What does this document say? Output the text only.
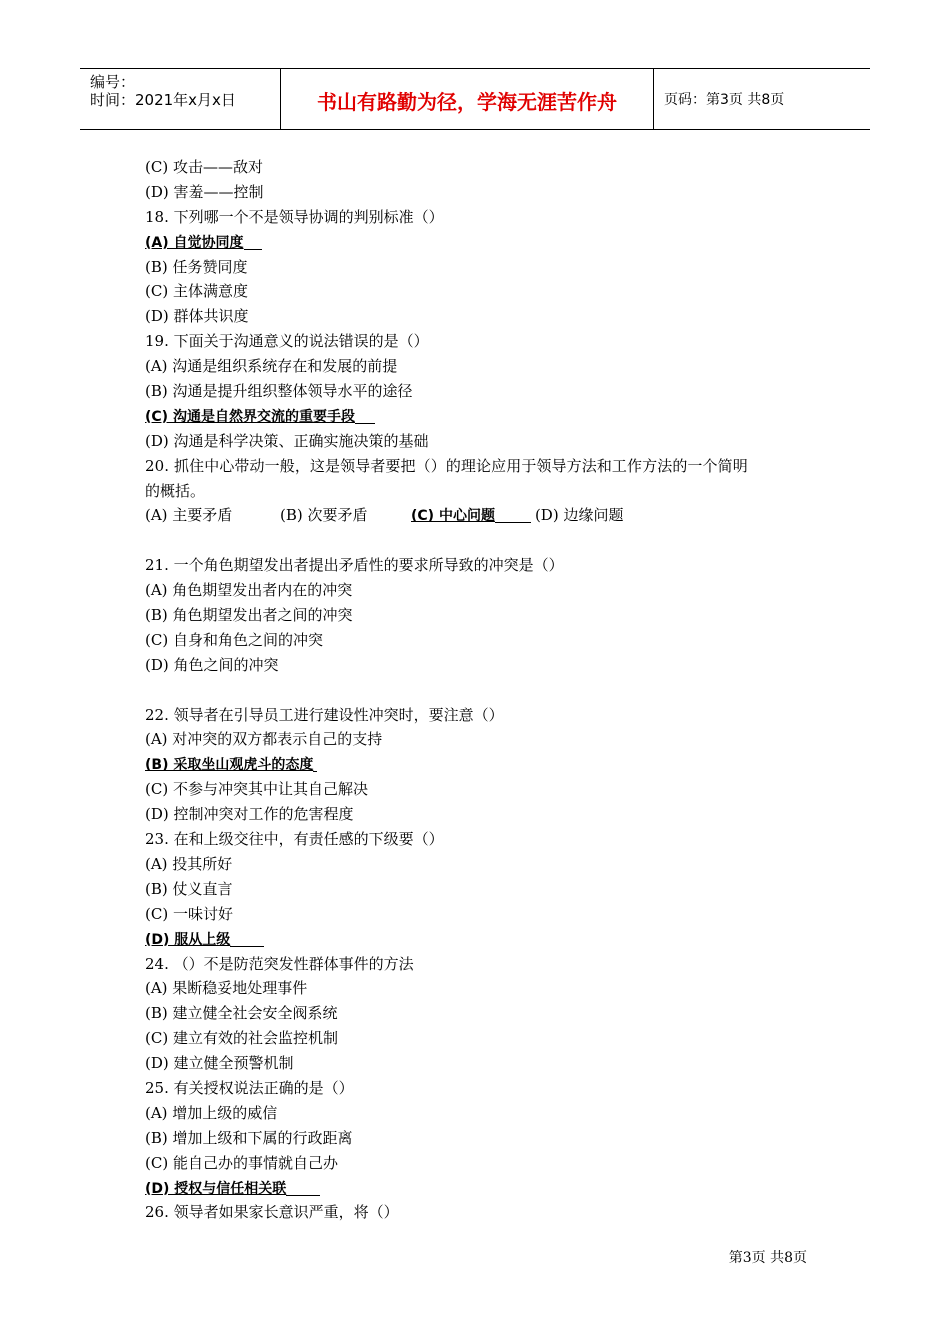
编号：
时间：2021年x月x日	书山有路勤为径，学海无涯苦作舟	页码：第3页 共8页
(C) 攻击——敌对
(D) 害羞——控制
18. 下列哪一个不是领导协调的判别标准（）
(A) 自觉协同度
(B) 任务赞同度
(C) 主体满意度
(D) 群体共识度
19. 下面关于沟通意义的说法错误的是（）
(A) 沟通是组织系统存在和发展的前提
(B) 沟通是提升组织整体领导水平的途径
(C) 沟通是自然界交流的重要手段
(D) 沟通是科学决策、正确实施决策的基础
20. 抓住中心带动一般，这是领导者要把（）的理论应用于领导方法和工作方法的一个简明
的概括。
(A) 主要矛盾	(B) 次要矛盾	(C) 中心问题	(D) 边缘问题
21. 一个角色期望发出者提出矛盾性的要求所导致的冲突是（）
(A) 角色期望发出者内在的冲突
(B) 角色期望发出者之间的冲突
(C) 自身和角色之间的冲突
(D) 角色之间的冲突
22. 领导者在引导员工进行建设性冲突时，要注意（）
(A) 对冲突的双方都表示自己的支持
(B) 采取坐山观虎斗的态度
(C) 不参与冲突其中让其自己解决
(D) 控制冲突对工作的危害程度
23. 在和上级交往中，有责任感的下级要（）
(A) 投其所好
(B) 仗义直言
(C) 一味讨好
(D) 服从上级
24. （）不是防范突发性群体事件的方法
(A) 果断稳妥地处理事件
(B) 建立健全社会安全阀系统
(C) 建立有效的社会监控机制
(D) 建立健全预警机制
25. 有关授权说法正确的是（）
(A) 增加上级的威信
(B) 增加上级和下属的行政距离
(C) 能自己办的事情就自己办
(D) 授权与信任相关联
26. 领导者如果家长意识严重，将（）
第3页 共8页
